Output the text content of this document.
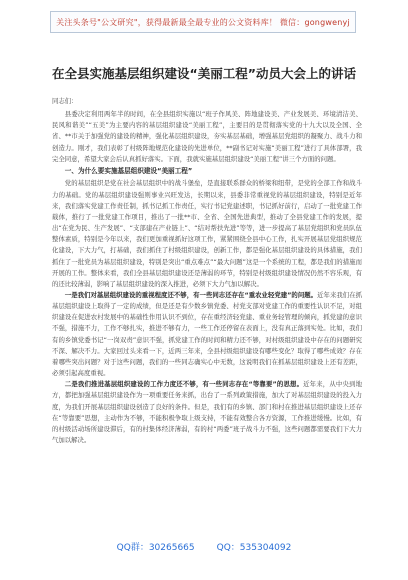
关注头条号"公文研究"，获得最新最全最专业的公文资料库！ 微信：gongwenyj
在全县实施基层组织建设“美丽工程”动员大会上的讲话

同志们：

县委决定利用两年半的时间，在全县组织实施以“班子作风美、阵地建设美、产业发展美、环境清洁美、民风和谐美”“五美”为主要内容的基层组织建设“美丽工程”，主要目的是贯彻落实党的十九大以及全国、全省、**市关于加强党的建设的精神，强化基层组织建设，夯实基层基础，增强基层党组织的凝聚力、战斗力和创造力。刚才，我们表彰了村级阵地规范化建设的先进单位，**副书记对实施“美丽工程”进行了具体部署，我完全同意，希望大家会后认真抓好落实。下面，我就实施基层组织建设“美丽工程”讲三个方面的问题。

一、为什么要实施基层组织建设“美丽工程”

党的基层组织是党在社会基层组织中的战斗堡垒，是直接联系群众的桥梁和纽带，是党的全部工作和战斗力的基础。党的基层组织建设强则事业兴旺发达，长期以来，县委非常重视党的基层组织建设，特别是近年来，我们落实党建工作责任制，抓书记抓工作责任，实行书记党建述职，书记抓好前行，启动了一批党建工作载体，推行了一批党建工作项目，推出了一批**市、全省、全国先进典型，推动了全县党建工作的发展，提出“在党为民、生产发展”、“支部建在产业链上”、“结对帮扶先进”等等，进一步提高了基层党组织和党员队伍整体素质，特别是今年以来，我们更加重视抓好这项工作，紧紧围绕全县中心工作，扎实开展基层党组织规范化建设，下大力气，打基础，我们抓住了村级组织建设，创新工作，都是强化基层组织建设的具体措施，我们抓住了一批党员为基层组织建设，特别是突出“重点难点”“最大问题”这是一个系统的工程，都是我们的措施而开展的工作。整体来看，我们全县基层组织建设还是薄弱的环节，特别是村级组织建设情况仍然不容乐观，有的还比较薄弱，影响了基层组织建设的深入推进，必须下大力气加以解决。

一是我们对基层组织建设的重视程度还不够，有一些同志还存在“重农业轻党建”的问题。近年来我们在抓基层组织建设上取得了一定的成绩，但是还是有少数乡镇党委、村党支部对党建工作的重要性认识不足，对组织建设在促进农村发展中的基础性作用认识不到位，存在重经济轻党建、重业务轻管理的倾向，抓党建的意识不强，措施不力，工作不够扎实，推进不够有力，一些工作还停留在表面上，没有真正落到实处。比如，我们有的乡镇党委书记“一岗双责”意识不强，抓党建工作的时间和精力还不够，对村级组织建设中存在的问题研究不深、解决不力。大家回过头来看一下，近两三年来，全县村级组织建设有哪些变化？取得了哪些成效？存在着哪些突出问题？对于这些问题，我们的一些同志确实心中无数，这说明我们在抓基层组织建设上还有差距，必须引起高度重视。

二是我们推进基层组织建设的工作力度还不够，有一些同志存在“等靠要”的思想。近年来，从中央到地方，都把加强基层组织建设作为一项重要任务来抓，出台了一系列政策措施，加大了对基层组织建设的投入力度，为我们开展基层组织建设创造了良好的条件。但是，我们有的乡镇、部门和村在推进基层组织建设上还存在“等靠要”思想，主动作为不够，不能积极争取上级支持，不能有效整合各方资源，工作推进缓慢。比如，有的村级活动场所建设滞后，有的村集体经济薄弱，有的村“两委”班子战斗力不强，这些问题都需要我们下大力气加以解决。

QQ群：30265665 QQ：535304092
